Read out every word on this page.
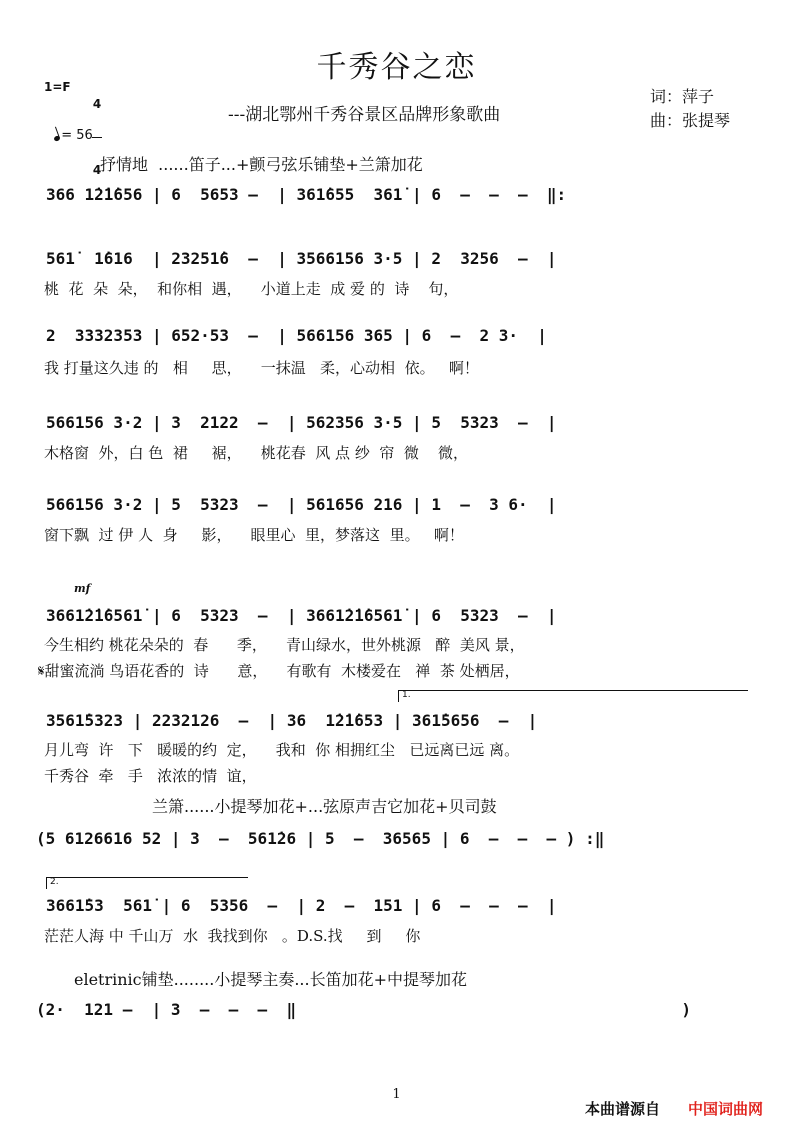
千秀谷之恋
---湖北鄂州千秀谷景区品牌形象歌曲
词：萍子
曲：张提琴
1=F

4

4

= 56

抒情地  ......笛子...+颤弓弦乐铺垫+兰箫加花
366 1̇2̇1̇656 | 6  5653 –  | 361̇655  361̇ | 6  –  –  –  ‖:
561̇  1̇616  | 23251̇6  –  | 3566156 3·5 | 2  3256  –  |
桃  花  朵  朵，  和你相  遇，    小道上走  成 爱 的  诗    句，
2  3332353 | 652·53  –  | 566156 365 | 6  –  2 3·  |
我 打量这久违 的   相     思，    一抹温   柔，心动相  依。   啊！
566156 3·2 | 3  2122  –  | 562356 3·5 | 5  5323  –  |
木格窗  外，白 色  裙     裾，    桃花春  风 点 纱  帘  微    微，
566156 3·2 | 5  5323  –  | 561656 216 | 1  –  3 6·  |
窗下飘  过 伊 人  身     影，    眼里心  里，梦落这  里。   啊！
mf
3661̇2̇1̇6561̇ | 6  5323  –  | 3661̇2̇1̇6561̇ | 6  5323  –  |
今生相约 桃花朵朵的  春      季，    青山绿水，世外桃源   醉  美风 景，
𝄋甜蜜流淌 鸟语花香的  诗      意，    有歌有  木楼爱在   禅  茶 处栖居，
1.
3561̇5323 | 2232126  –  | 36  1̇2̇1̇653 | 361̇5656  –  |
月儿弯  许   下   暖暖的约  定，    我和  你 相拥红尘   已远离已远 离。
千秀谷  牵   手   浓浓的情  谊，
兰箫......小提琴加花+...弦原声吉它加花+贝司鼓
(5 6126616 52 | 3  –  561̇26 | 5  –  36565 | 6  –  –  – ) :‖
2.
3661̇53  561̇ | 6  5356  –  | 2  –  151 | 6  –  –  –  |
茫茫人海 中 千山万  水  我找到你   。D.S.找     到     你
eletrinic铺垫........小提琴主奏...长笛加花+中提琴加花
(2·  121 –  | 3  –  –  –  ‖                                        )
1
本曲谱源自 中国词曲网
